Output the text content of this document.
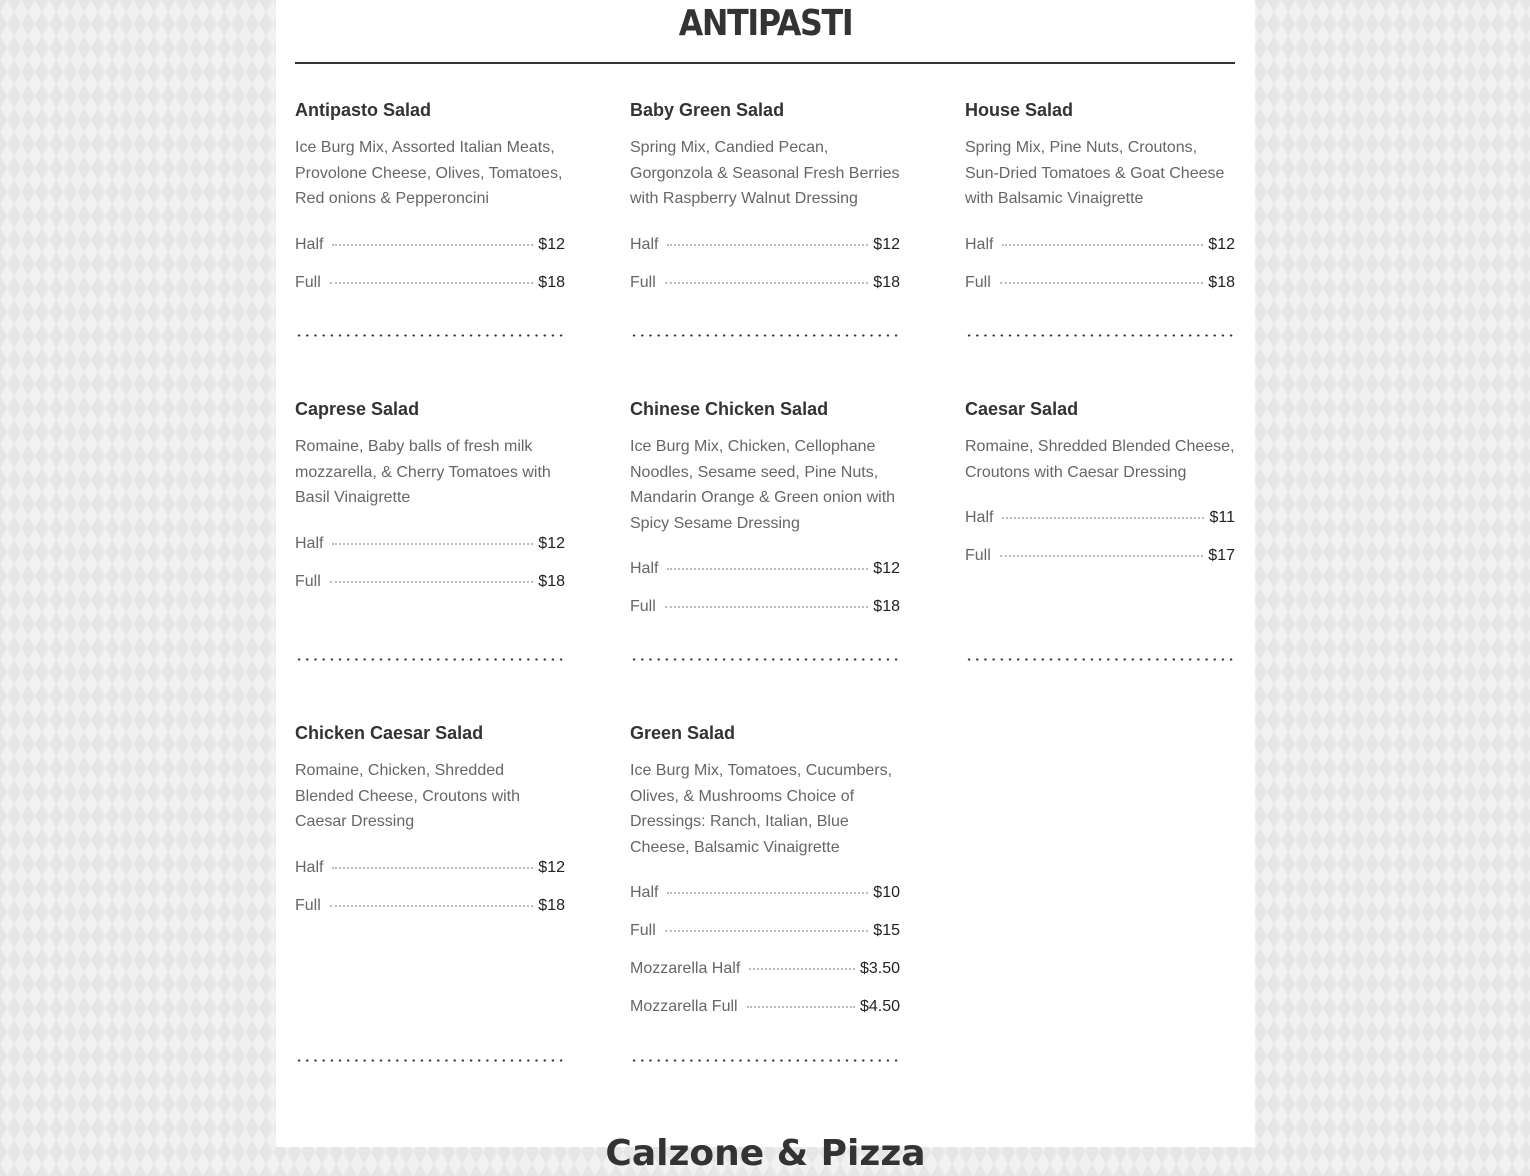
ANTIPASTI
Antipasto Salad

Ice Burg Mix, Assorted Italian Meats, Provolone Cheese, Olives, Tomatoes, Red onions & Pepperoncini

Half	$12
Full	$18
Baby Green Salad

Spring Mix, Candied Pecan, Gorgonzola & Seasonal Fresh Berries with Raspberry Walnut Dressing

Half	$12
Full	$18
House Salad

Spring Mix, Pine Nuts, Croutons, Sun-Dried Tomatoes & Goat Cheese with Balsamic Vinaigrette

Half	$12
Full	$18
Caprese Salad

Romaine, Baby balls of fresh milk mozzarella, & Cherry Tomatoes with Basil Vinaigrette

Half	$12
Full	$18
Chinese Chicken Salad

Ice Burg Mix, Chicken, Cellophane Noodles, Sesame seed, Pine Nuts, Mandarin Orange & Green onion with Spicy Sesame Dressing

Half	$12
Full	$18
Caesar Salad

Romaine, Shredded Blended Cheese, Croutons with Caesar Dressing

Half	$11
Full	$17
Chicken Caesar Salad

Romaine, Chicken, Shredded Blended Cheese, Croutons with Caesar Dressing

Half	$12
Full	$18
Green Salad

Ice Burg Mix, Tomatoes, Cucumbers, Olives, & Mushrooms Choice of Dressings: Ranch, Italian, Blue Cheese, Balsamic Vinaigrette

Half	$10
Full	$15
Mozzarella Half	$3.50
Mozzarella Full	$4.50
Calzone & Pizza
